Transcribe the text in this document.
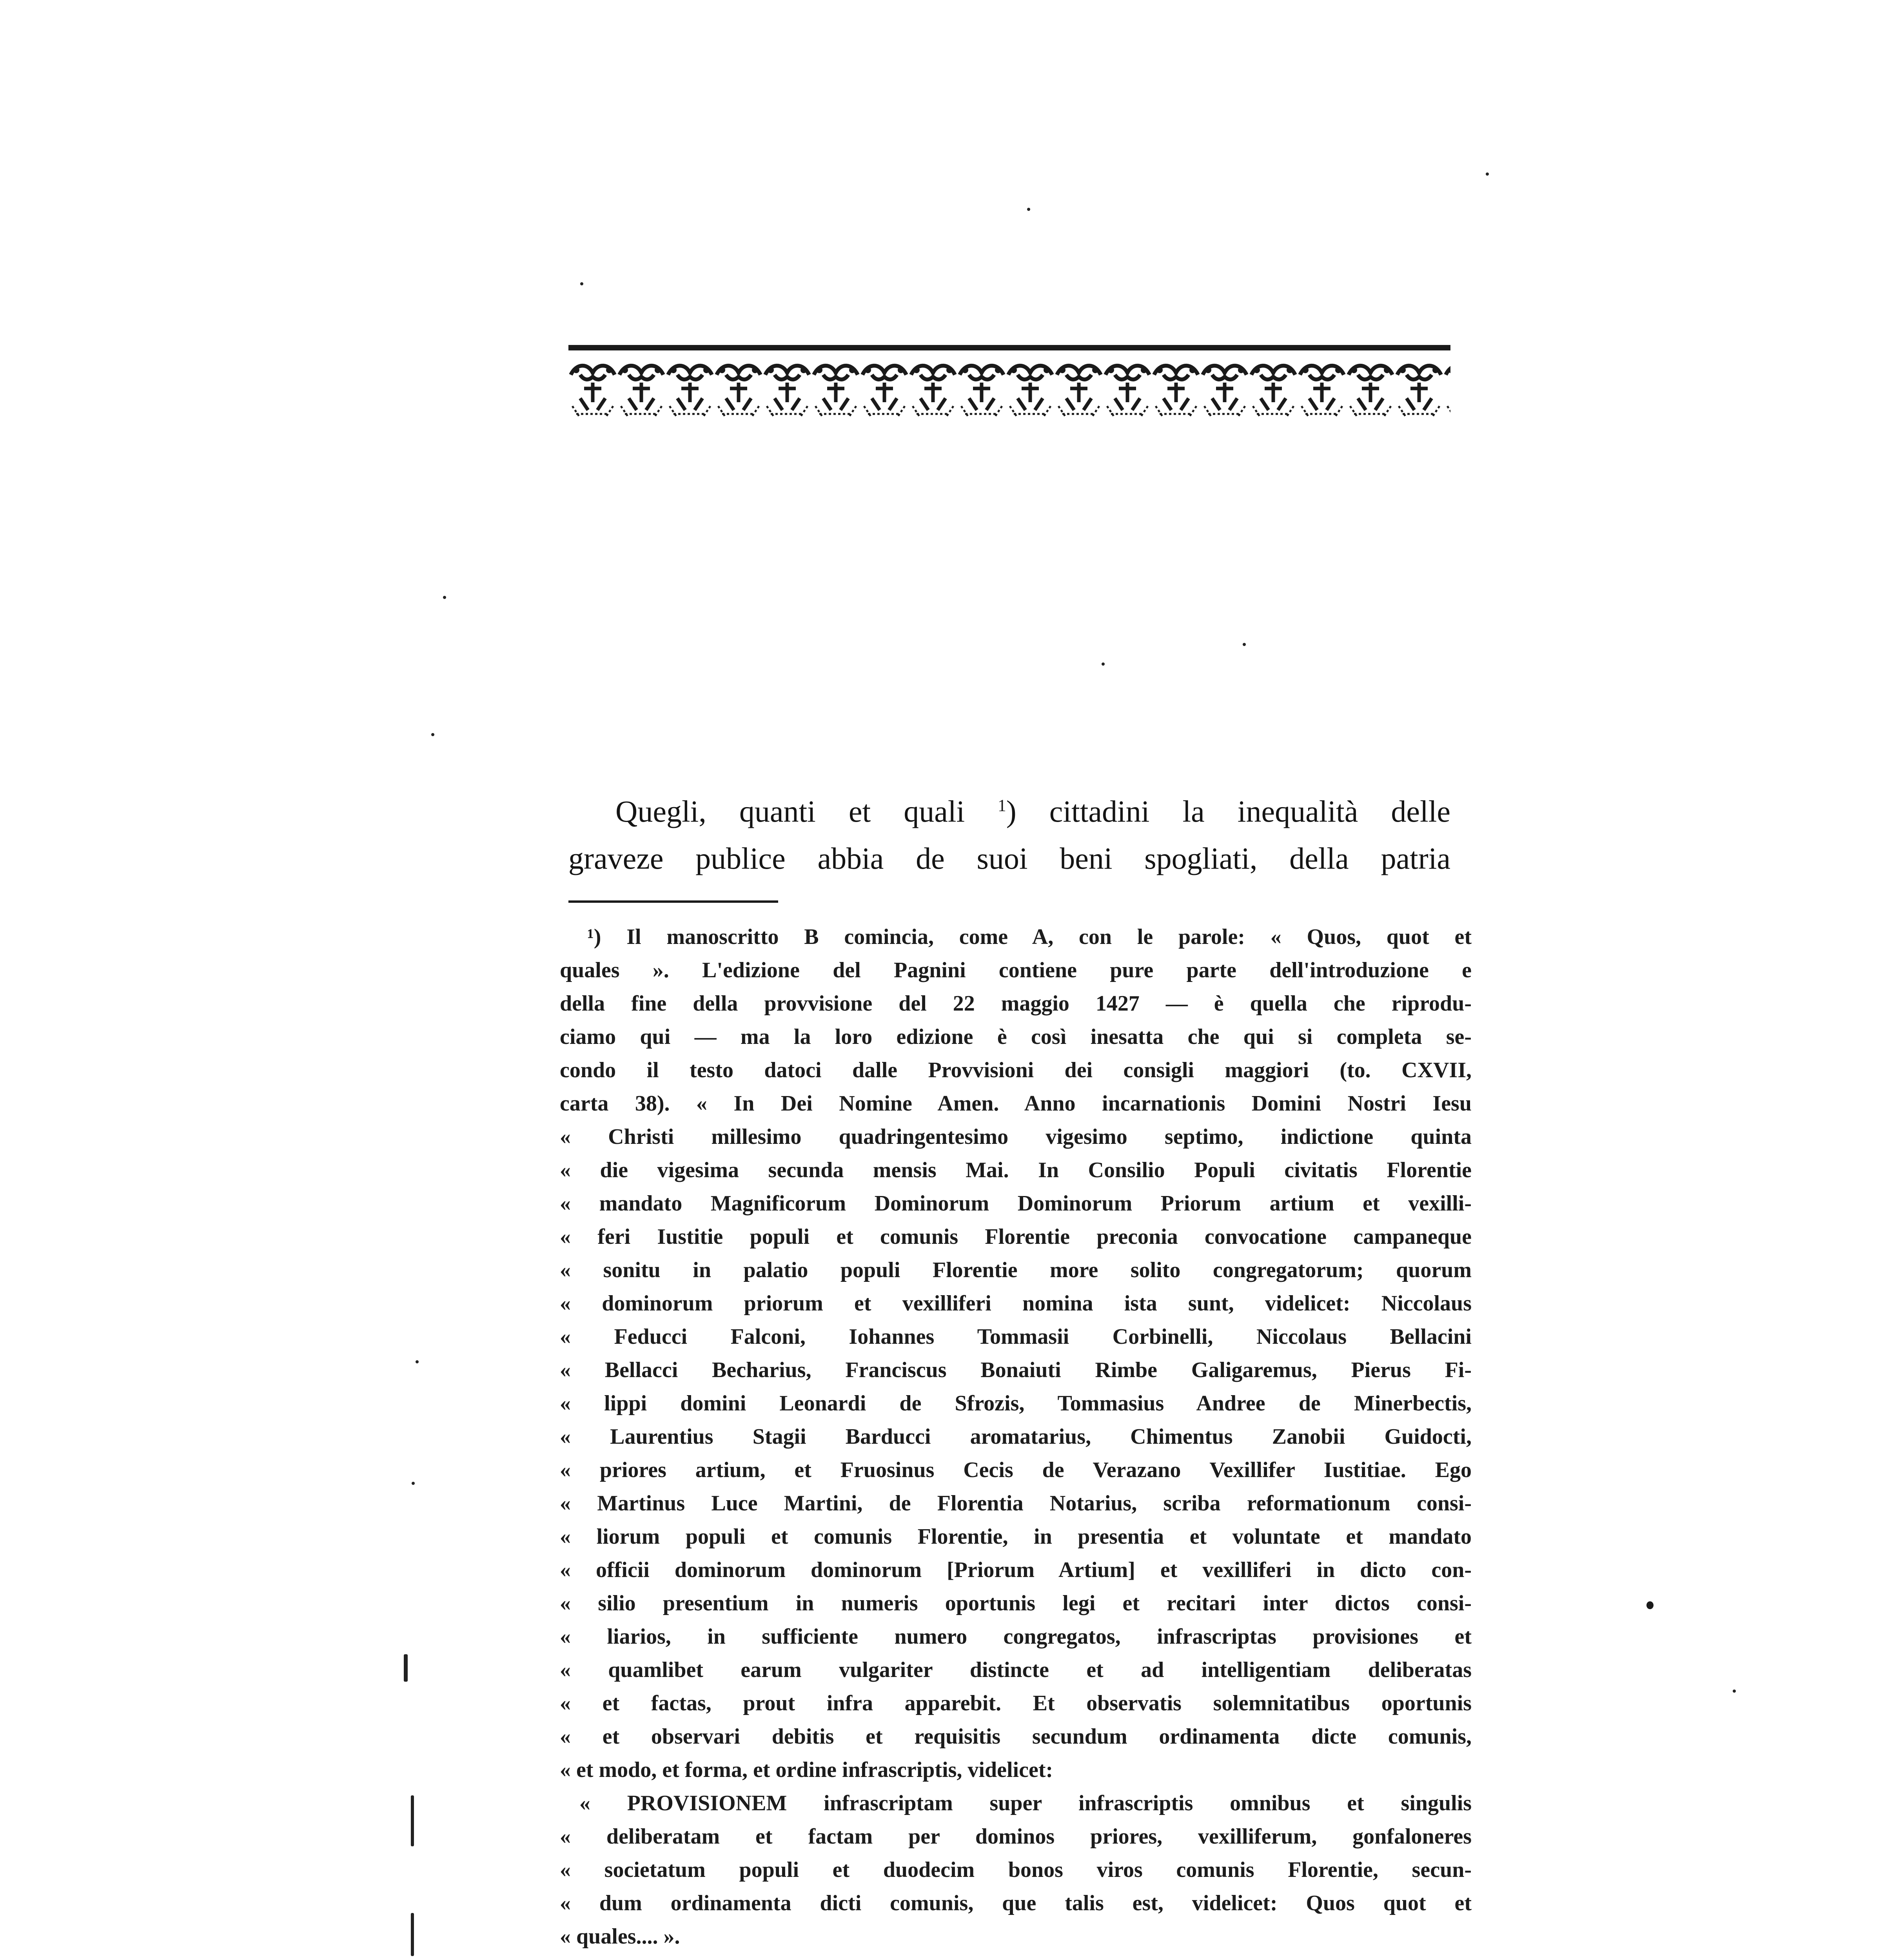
Quegli, quanti et quali $^1$) cittadini la inequalità delle
graveze publice abbia de suoi beni spogliati, della patria
¹) Il manoscritto B comincia, come A, con le parole: « Quos, quot et
quales ». L'edizione del Pagnini contiene pure parte dell'introduzione e
della fine della provvisione del 22 maggio 1427 — è quella che riprodu-
ciamo qui — ma la loro edizione è così inesatta che qui si completa se-
condo il testo datoci dalle Provvisioni dei consigli maggiori (to. CXVII,
carta 38). « In Dei Nomine Amen. Anno incarnationis Domini Nostri Iesu
« Christi millesimo quadringentesimo vigesimo septimo, indictione quinta
« die vigesima secunda mensis Mai. In Consilio Populi civitatis Florentie
« mandato Magnificorum Dominorum Dominorum Priorum artium et vexilli-
« feri Iustitie populi et comunis Florentie preconia convocatione campaneque
« sonitu in palatio populi Florentie more solito congregatorum; quorum
« dominorum priorum et vexilliferi nomina ista sunt, videlicet: Niccolaus
« Feducci Falconi, Iohannes Tommasii Corbinelli, Niccolaus Bellacini
« Bellacci Becharius, Franciscus Bonaiuti Rimbe Galigaremus, Pierus Fi-
« lippi domini Leonardi de Sfrozis, Tommasius Andree de Minerbectis,
« Laurentius Stagii Barducci aromatarius, Chimentus Zanobii Guidocti,
« priores artium, et Fruosinus Cecis de Verazano Vexillifer Iustitiae. Ego
« Martinus Luce Martini, de Florentia Notarius, scriba reformationum consi-
« liorum populi et comunis Florentie, in presentia et voluntate et mandato
« officii dominorum dominorum [Priorum Artium] et vexilliferi in dicto con-
« silio presentium in numeris oportunis legi et recitari inter dictos consi-
« liarios, in sufficiente numero congregatos, infrascriptas provisiones et
« quamlibet earum vulgariter distincte et ad intelligentiam deliberatas
« et factas, prout infra apparebit. Et observatis solemnitatibus oportunis
« et observari debitis et requisitis secundum ordinamenta dicte comunis,
« et modo, et forma, et ordine infrascriptis, videlicet:
« PROVISIONEM infrascriptam super infrascriptis omnibus et singulis
« deliberatam et factam per dominos priores, vexilliferum, gonfaloneres
« societatum populi et duodecim bonos viros comunis Florentie, secun-
« dum ordinamenta dicti comunis, que talis est, videlicet: Quos quot et
« quales.... ».
